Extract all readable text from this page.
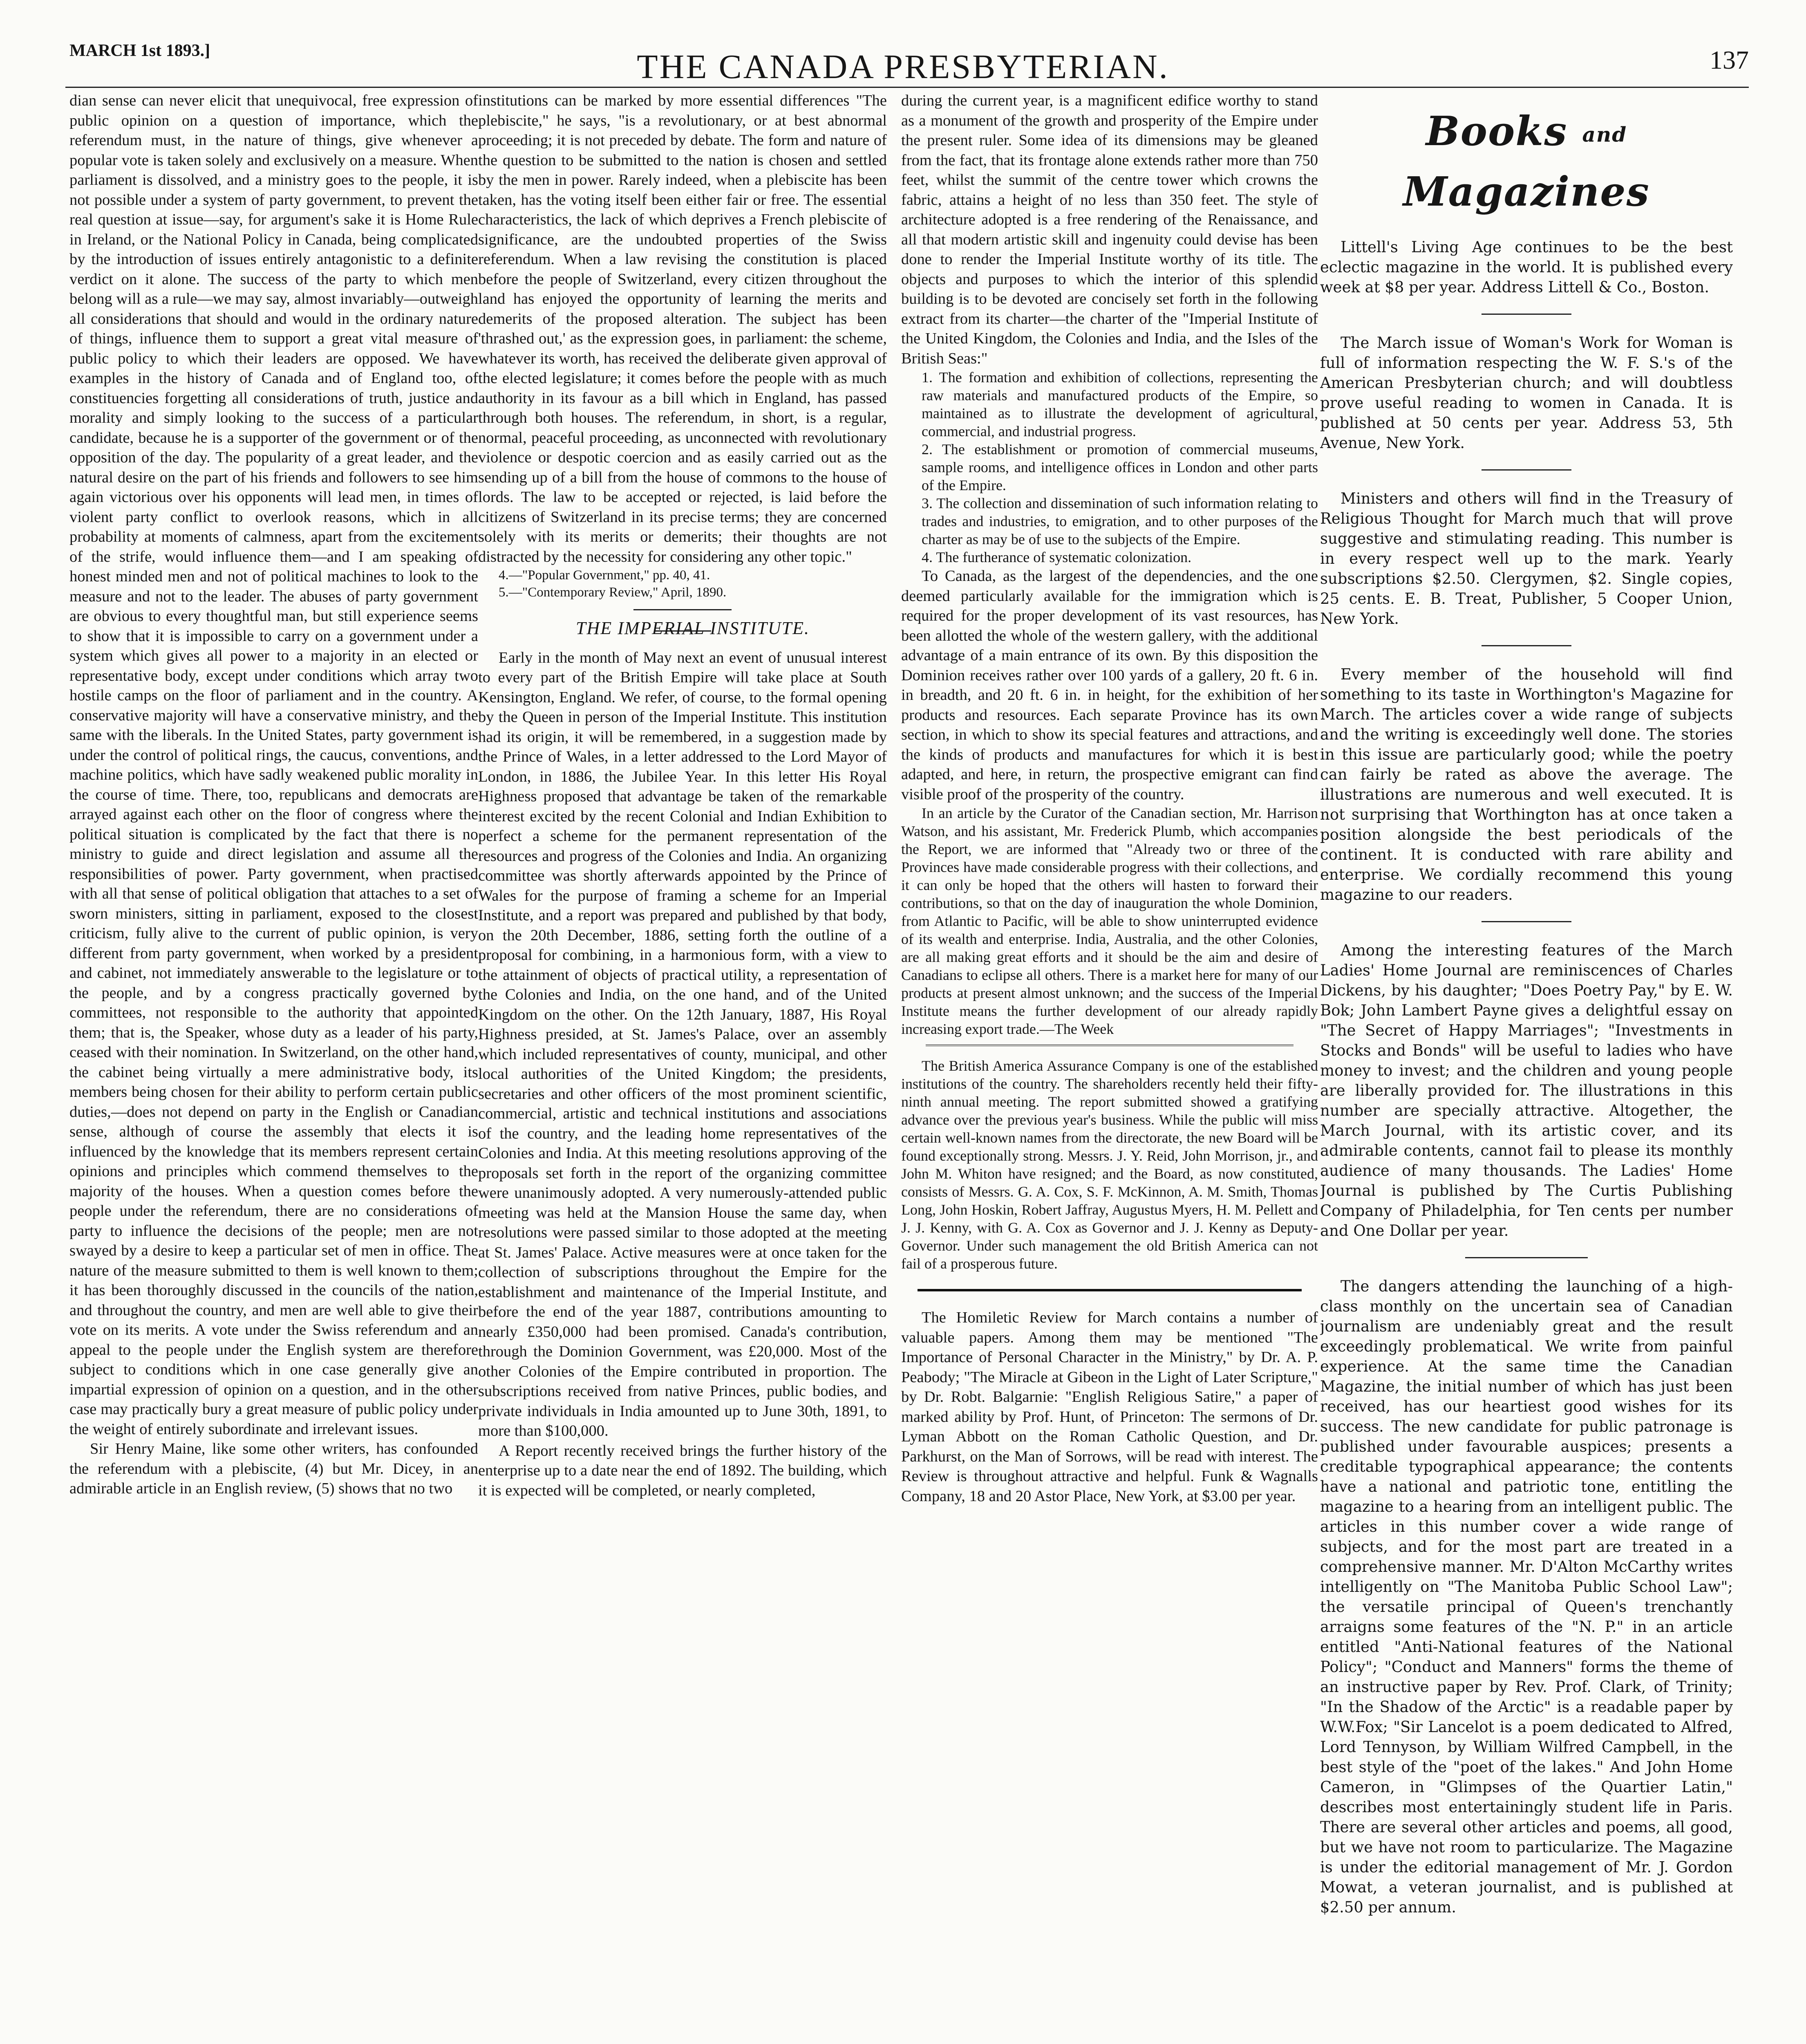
MARCH 1st 1893.]	THE CANADA PRESBYTERIAN.	137

dian sense can never elicit that unequivocal, free expression of public opinion on a question of importance, which the referendum must, in the nature of things, give whenever a popular vote is taken solely and exclusively on a measure. When parliament is dissolved, and a ministry goes to the people, it is not possible under a system of party government, to prevent the real question at issue—say, for argument's sake it is Home Rule in Ireland, or the National Policy in Canada, being complicated by the introduction of issues entirely antagonistic to a definite verdict on it alone. The success of the party to which men belong will as a rule—we may say, almost invariably—outweigh all considerations that should and would in the ordinary nature of things, influence them to support a great vital measure of public policy to which their leaders are opposed. We have examples in the history of Canada and of England too, of constituencies forgetting all considerations of truth, justice and morality and simply looking to the success of a particular candidate, because he is a supporter of the government or of the opposition of the day. The popularity of a great leader, and the natural desire on the part of his friends and followers to see him again victorious over his opponents will lead men, in times of violent party conflict to overlook reasons, which in all probability at moments of calmness, apart from the excitement of the strife, would influence them—and I am speaking of honest minded men and not of political machines to look to the measure and not to the leader. The abuses of party government are obvious to every thoughtful man, but still experience seems to show that it is impossible to carry on a government under a system which gives all power to a majority in an elected or representative body, except under conditions which array two hostile camps on the floor of parliament and in the country. A conservative majority will have a conservative ministry, and the same with the liberals. In the United States, party government is under the control of political rings, the caucus, conventions, and machine politics, which have sadly weakened public morality in the course of time. There, too, republicans and democrats are arrayed against each other on the floor of congress where the political situation is complicated by the fact that there is no ministry to guide and direct legislation and assume all the responsibilities of power. Party government, when practised with all that sense of political obligation that attaches to a set of sworn ministers, sitting in parliament, exposed to the closest criticism, fully alive to the current of public opinion, is very different from party government, when worked by a president and cabinet, not immediately answerable to the legislature or to the people, and by a congress practically governed by committees, not responsible to the authority that appointed them; that is, the Speaker, whose duty as a leader of his party, ceased with their nomination. In Switzerland, on the other hand, the cabinet being virtually a mere administrative body, its members being chosen for their ability to perform certain public duties,—does not depend on party in the English or Canadian sense, although of course the assembly that elects it is influenced by the knowledge that its members represent certain opinions and principles which commend themselves to the majority of the houses. When a question comes before the people under the referendum, there are no considerations of party to influence the decisions of the people; men are not swayed by a desire to keep a particular set of men in office. The nature of the measure submitted to them is well known to them; it has been thoroughly discussed in the councils of the nation, and throughout the country, and men are well able to give their vote on its merits. A vote under the Swiss referendum and an appeal to the people under the English system are therefore subject to conditions which in one case generally give an impartial expression of opinion on a question, and in the other case may practically bury a great measure of public policy under the weight of entirely subordinate and irrelevant issues.

Sir Henry Maine, like some other writers, has confounded the referendum with a plebiscite, (4) but Mr. Dicey, in an admirable article in an English review, (5) shows that no two

institutions can be marked by more essential differences "The plebiscite," he says, "is a revolutionary, or at best abnormal proceeding; it is not preceded by debate. The form and nature of the question to be submitted to the nation is chosen and settled by the men in power. Rarely indeed, when a plebiscite has been taken, has the voting itself been either fair or free. The essential characteristics, the lack of which deprives a French plebiscite of significance, are the undoubted properties of the Swiss referendum. When a law revising the constitution is placed before the people of Switzerland, every citizen throughout the land has enjoyed the opportunity of learning the merits and demerits of the proposed alteration. The subject has been 'thrashed out,' as the expression goes, in parliament: the scheme, whatever its worth, has received the deliberate given approval of the elected legislature; it comes before the people with as much authority in its favour as a bill which in England, has passed through both houses. The referendum, in short, is a regular, normal, peaceful proceeding, as unconnected with revolutionary violence or despotic coercion and as easily carried out as the sending up of a bill from the house of commons to the house of lords. The law to be accepted or rejected, is laid before the citizens of Switzerland in its precise terms; they are concerned solely with its merits or demerits; their thoughts are not distracted by the necessity for considering any other topic."

4.—"Popular Government," pp. 40, 41.

5.—"Contemporary Review," April, 1890.

THE IMPERIAL INSTITUTE.

Early in the month of May next an event of unusual interest to every part of the British Empire will take place at South Kensington, England. We refer, of course, to the formal opening by the Queen in person of the Imperial Institute. This institution had its origin, it will be remembered, in a suggestion made by the Prince of Wales, in a letter addressed to the Lord Mayor of London, in 1886, the Jubilee Year. In this letter His Royal Highness proposed that advantage be taken of the remarkable interest excited by the recent Colonial and Indian Exhibition to perfect a scheme for the permanent representation of the resources and progress of the Colonies and India. An organizing committee was shortly afterwards appointed by the Prince of Wales for the purpose of framing a scheme for an Imperial Institute, and a report was prepared and published by that body, on the 20th December, 1886, setting forth the outline of a proposal for combining, in a harmonious form, with a view to the attainment of objects of practical utility, a representation of the Colonies and India, on the one hand, and of the United Kingdom on the other. On the 12th January, 1887, His Royal Highness presided, at St. James's Palace, over an assembly which included representatives of county, municipal, and other local authorities of the United Kingdom; the presidents, secretaries and other officers of the most prominent scientific, commercial, artistic and technical institutions and associations of the country, and the leading home representatives of the Colonies and India. At this meeting resolutions approving of the proposals set forth in the report of the organizing committee were unanimously adopted. A very numerously-attended public meeting was held at the Mansion House the same day, when resolutions were passed similar to those adopted at the meeting at St. James' Palace. Active measures were at once taken for the collection of subscriptions throughout the Empire for the establishment and maintenance of the Imperial Institute, and before the end of the year 1887, contributions amounting to nearly £350,000 had been promised. Canada's contribution, through the Dominion Government, was £20,000. Most of the other Colonies of the Empire contributed in proportion. The subscriptions received from native Princes, public bodies, and private individuals in India amounted up to June 30th, 1891, to more than $100,000.

A Report recently received brings the further history of the enterprise up to a date near the end of 1892. The building, which it is expected will be completed, or nearly completed,

during the current year, is a magnificent edifice worthy to stand as a monument of the growth and prosperity of the Empire under the present ruler. Some idea of its dimensions may be gleaned from the fact, that its frontage alone extends rather more than 750 feet, whilst the summit of the centre tower which crowns the fabric, attains a height of no less than 350 feet. The style of architecture adopted is a free rendering of the Renaissance, and all that modern artistic skill and ingenuity could devise has been done to render the Imperial Institute worthy of its title. The objects and purposes to which the interior of this splendid building is to be devoted are concisely set forth in the following extract from its charter—the charter of the "Imperial Institute of the United Kingdom, the Colonies and India, and the Isles of the British Seas:"

1. The formation and exhibition of collections, representing the raw materials and manufactured products of the Empire, so maintained as to illustrate the development of agricultural, commercial, and industrial progress.

2. The establishment or promotion of commercial museums, sample rooms, and intelligence offices in London and other parts of the Empire.

3. The collection and dissemination of such information relating to trades and industries, to emigration, and to other purposes of the charter as may be of use to the subjects of the Empire.

4. The furtherance of systematic colonization.

To Canada, as the largest of the dependencies, and the one deemed particularly available for the immigration which is required for the proper development of its vast resources, has been allotted the whole of the western gallery, with the additional advantage of a main entrance of its own. By this disposition the Dominion receives rather over 100 yards of a gallery, 20 ft. 6 in. in breadth, and 20 ft. 6 in. in height, for the exhibition of her products and resources. Each separate Province has its own section, in which to show its special features and attractions, and the kinds of products and manufactures for which it is best adapted, and here, in return, the prospective emigrant can find visible proof of the prosperity of the country.

In an article by the Curator of the Canadian section, Mr. Harrison Watson, and his assistant, Mr. Frederick Plumb, which accompanies the Report, we are informed that "Already two or three of the Provinces have made considerable progress with their collections, and it can only be hoped that the others will hasten to forward their contributions, so that on the day of inauguration the whole Dominion, from Atlantic to Pacific, will be able to show uninterrupted evidence of its wealth and enterprise. India, Australia, and the other Colonies, are all making great efforts and it should be the aim and desire of Canadians to eclipse all others. There is a market here for many of our products at present almost unknown; and the success of the Imperial Institute means the further development of our already rapidly increasing export trade.—The Week

The British America Assurance Company is one of the established institutions of the country. The shareholders recently held their fifty-ninth annual meeting. The report submitted showed a gratifying advance over the previous year's business. While the public will miss certain well-known names from the directorate, the new Board will be found exceptionally strong. Messrs. J. Y. Reid, John Morrison, jr., and John M. Whiton have resigned; and the Board, as now constituted, consists of Messrs. G. A. Cox, S. F. McKinnon, A. M. Smith, Thomas Long, John Hoskin, Robert Jaffray, Augustus Myers, H. M. Pellett and J. J. Kenny, with G. A. Cox as Governor and J. J. Kenny as Deputy-Governor. Under such management the old British America can not fail of a prosperous future.

The Homiletic Review for March contains a number of valuable papers. Among them may be mentioned "The Importance of Personal Character in the Ministry," by Dr. A. P. Peabody; "The Miracle at Gibeon in the Light of Later Scripture," by Dr. Robt. Balgarnie: "English Religious Satire," a paper of marked ability by Prof. Hunt, of Princeton: The sermons of Dr. Lyman Abbott on the Roman Catholic Question, and Dr. Parkhurst, on the Man of Sorrows, will be read with interest. The Review is throughout attractive and helpful. Funk & Wagnalls Company, 18 and 20 Astor Place, New York, at $3.00 per year.

Books and Magazines

Littell's Living Age continues to be the best eclectic magazine in the world. It is published every week at $8 per year. Address Littell & Co., Boston.

The March issue of Woman's Work for Woman is full of information respecting the W. F. S.'s of the American Presbyterian church; and will doubtless prove useful reading to women in Canada. It is published at 50 cents per year. Address 53, 5th Avenue, New York.

Ministers and others will find in the Treasury of Religious Thought for March much that will prove suggestive and stimulating reading. This number is in every respect well up to the mark. Yearly subscriptions $2.50. Clergymen, $2. Single copies, 25 cents. E. B. Treat, Publisher, 5 Cooper Union, New York.

Every member of the household will find something to its taste in Worthington's Magazine for March. The articles cover a wide range of subjects and the writing is exceedingly well done. The stories in this issue are particularly good; while the poetry can fairly be rated as above the average. The illustrations are numerous and well executed. It is not surprising that Worthington has at once taken a position alongside the best periodicals of the continent. It is conducted with rare ability and enterprise. We cordially recommend this young magazine to our readers.

Among the interesting features of the March Ladies' Home Journal are reminiscences of Charles Dickens, by his daughter; "Does Poetry Pay," by E. W. Bok; John Lambert Payne gives a delightful essay on "The Secret of Happy Marriages"; "Investments in Stocks and Bonds" will be useful to ladies who have money to invest; and the children and young people are liberally provided for. The illustrations in this number are specially attractive. Altogether, the March Journal, with its artistic cover, and its admirable contents, cannot fail to please its monthly audience of many thousands. The Ladies' Home Journal is published by The Curtis Publishing Company of Philadelphia, for Ten cents per number and One Dollar per year.

The dangers attending the launching of a high-class monthly on the uncertain sea of Canadian journalism are undeniably great and the result exceedingly problematical. We write from painful experience. At the same time the Canadian Magazine, the initial number of which has just been received, has our heartiest good wishes for its success. The new candidate for public patronage is published under favourable auspices; presents a creditable typographical appearance; the contents have a national and patriotic tone, entitling the magazine to a hearing from an intelligent public. The articles in this number cover a wide range of subjects, and for the most part are treated in a comprehensive manner. Mr. D'Alton McCarthy writes intelligently on "The Manitoba Public School Law"; the versatile principal of Queen's trenchantly arraigns some features of the "N. P." in an article entitled "Anti-National features of the National Policy"; "Conduct and Manners" forms the theme of an instructive paper by Rev. Prof. Clark, of Trinity; "In the Shadow of the Arctic" is a readable paper by W.W.Fox; "Sir Lancelot is a poem dedicated to Alfred, Lord Tennyson, by William Wilfred Campbell, in the best style of the "poet of the lakes." And John Home Cameron, in "Glimpses of the Quartier Latin," describes most entertainingly student life in Paris. There are several other articles and poems, all good, but we have not room to particularize. The Magazine is under the editorial management of Mr. J. Gordon Mowat, a veteran journalist, and is published at $2.50 per annum.
